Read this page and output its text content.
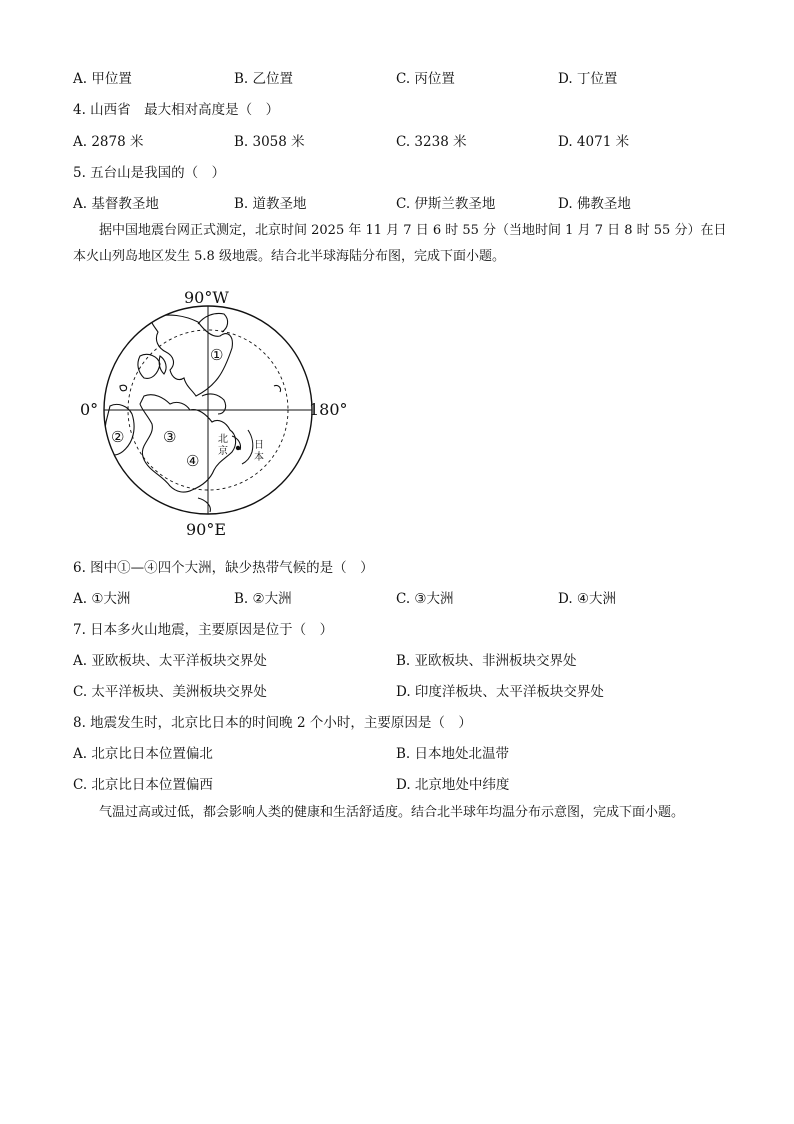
A. 甲位置	B. 乙位置	C. 丙位置	D. 丁位置
4. 山西省　最大相对高度是（　）
A. 2878 米	B. 3058 米	C. 3238 米	D. 4071 米
5. 五台山是我国的（　）
A. 基督教圣地	B. 道教圣地	C. 伊斯兰教圣地	D. 佛教圣地
据中国地震台网正式测定，北京时间 2025 年 11 月 7 日 6 时 55 分（当地时间 1 月 7 日 8 时 55 分）在日
本火山列岛地区发生 5.8 级地震。结合北半球海陆分布图，完成下面小题。
90°W
90°E
0°	180°
①
②	③
④
北
京
日
本
6. 图中①—④四个大洲，缺少热带气候的是（　）
A. ①大洲	B. ②大洲	C. ③大洲	D. ④大洲
7. 日本多火山地震，主要原因是位于（　）
A. 亚欧板块、太平洋板块交界处	B. 亚欧板块、非洲板块交界处
C. 太平洋板块、美洲板块交界处	D. 印度洋板块、太平洋板块交界处
8. 地震发生时，北京比日本的时间晚 2 个小时，主要原因是（　）
A. 北京比日本位置偏北	B. 日本地处北温带
C. 北京比日本位置偏西	D. 北京地处中纬度
气温过高或过低，都会影响人类的健康和生活舒适度。结合北半球年均温分布示意图，完成下面小题。
